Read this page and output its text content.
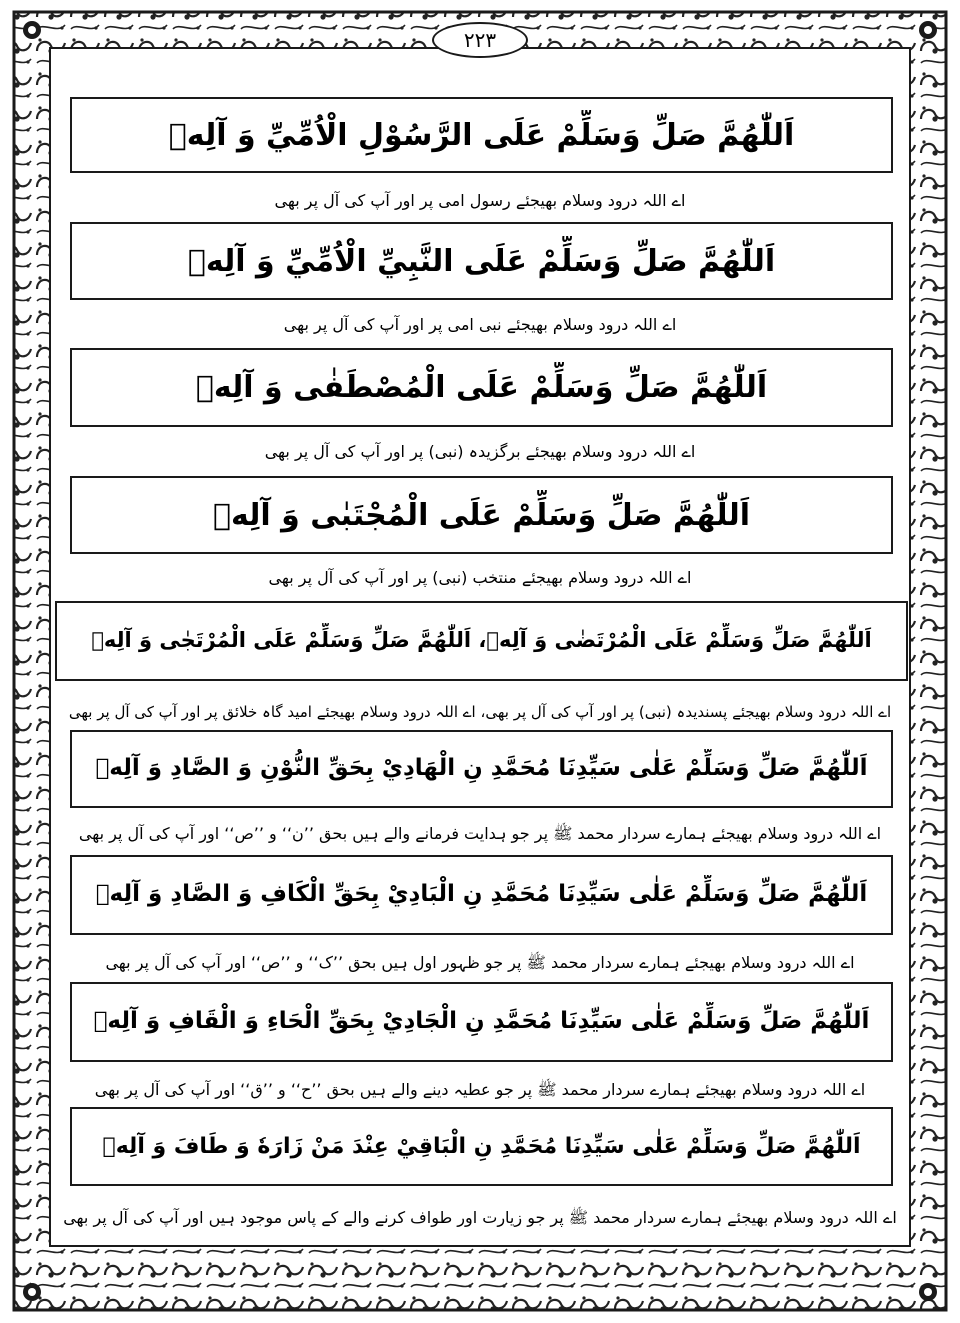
۲۲۳
اَللّٰهُمَّ صَلِّ وَسَلِّمْ عَلَى الرَّسُوْلِ الْاُمِّيِّ وَ آلِهٖ
اے اللہ درود وسلام بھیجئے رسول امی پر اور آپ کی آل پر بھی
اَللّٰهُمَّ صَلِّ وَسَلِّمْ عَلَى النَّبِيِّ الْاُمِّيِّ وَ آلِهٖ
اے اللہ درود وسلام بھیجئے نبی امی پر اور آپ کی آل پر بھی
اَللّٰهُمَّ صَلِّ وَسَلِّمْ عَلَى الْمُصْطَفٰى وَ آلِهٖ
اے اللہ درود وسلام بھیجئے برگزیدہ (نبی) پر اور آپ کی آل پر بھی
اَللّٰهُمَّ صَلِّ وَسَلِّمْ عَلَى الْمُجْتَبٰى وَ آلِهٖ
اے اللہ درود وسلام بھیجئے منتخب (نبی) پر اور آپ کی آل پر بھی
اَللّٰهُمَّ صَلِّ وَسَلِّمْ عَلَى الْمُرْتَضٰى وَ آلِهٖ، اَللّٰهُمَّ صَلِّ وَسَلِّمْ عَلَى الْمُرْتَجٰى وَ آلِهٖ
اے اللہ درود وسلام بھیجئے پسندیدہ (نبی) پر اور آپ کی آل پر بھی، اے اللہ درود وسلام بھیجئے امید گاہ خلائق پر اور آپ کی آل پر بھی
اَللّٰهُمَّ صَلِّ وَسَلِّمْ عَلٰى سَيِّدِنَا مُحَمَّدِ نِ الْهَادِيْ بِحَقِّ النُّوْنِ وَ الصَّادِ وَ آلِهٖ
اے اللہ درود وسلام بھیجئے ہمارے سردار محمد ﷺ پر جو ہدایت فرمانے والے ہیں بحق ’’ن‘‘ و ’’ص‘‘ اور آپ کی آل پر بھی
اَللّٰهُمَّ صَلِّ وَسَلِّمْ عَلٰى سَيِّدِنَا مُحَمَّدِ نِ الْبَادِيْ بِحَقِّ الْكَافِ وَ الصَّادِ وَ آلِهٖ
اے اللہ درود وسلام بھیجئے ہمارے سردار محمد ﷺ پر جو ظہور اول ہیں بحق ’’ک‘‘ و ’’ص‘‘ اور آپ کی آل پر بھی
اَللّٰهُمَّ صَلِّ وَسَلِّمْ عَلٰى سَيِّدِنَا مُحَمَّدِ نِ الْجَادِيْ بِحَقِّ الْحَاءِ وَ الْقَافِ وَ آلِهٖ
اے اللہ درود وسلام بھیجئے ہمارے سردار محمد ﷺ پر جو عطیہ دینے والے ہیں بحق ’’ح‘‘ و ’’ق‘‘ اور آپ کی آل پر بھی
اَللّٰهُمَّ صَلِّ وَسَلِّمْ عَلٰى سَيِّدِنَا مُحَمَّدِ نِ الْبَاقِيْ عِنْدَ مَنْ زَارَهٗ وَ طَافَ وَ آلِهٖ
اے اللہ درود وسلام بھیجئے ہمارے سردار محمد ﷺ پر جو زیارت اور طواف کرنے والے کے پاس موجود ہیں اور آپ کی آل پر بھی
